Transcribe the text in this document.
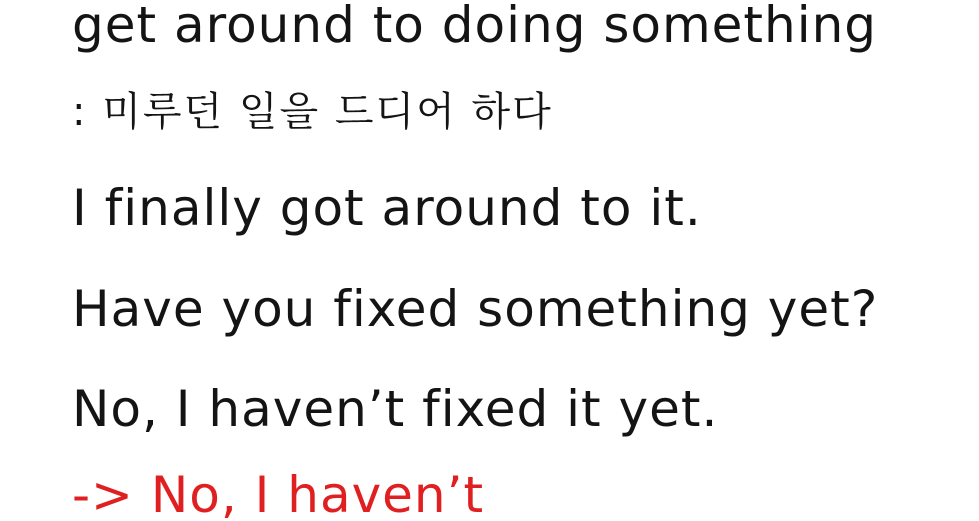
get around to doing something
: 미루던 일을 드디어 하다
I finally got around to it.
Have you fixed something yet?
No, I haven’t fixed it yet.
-> No, I haven’t
